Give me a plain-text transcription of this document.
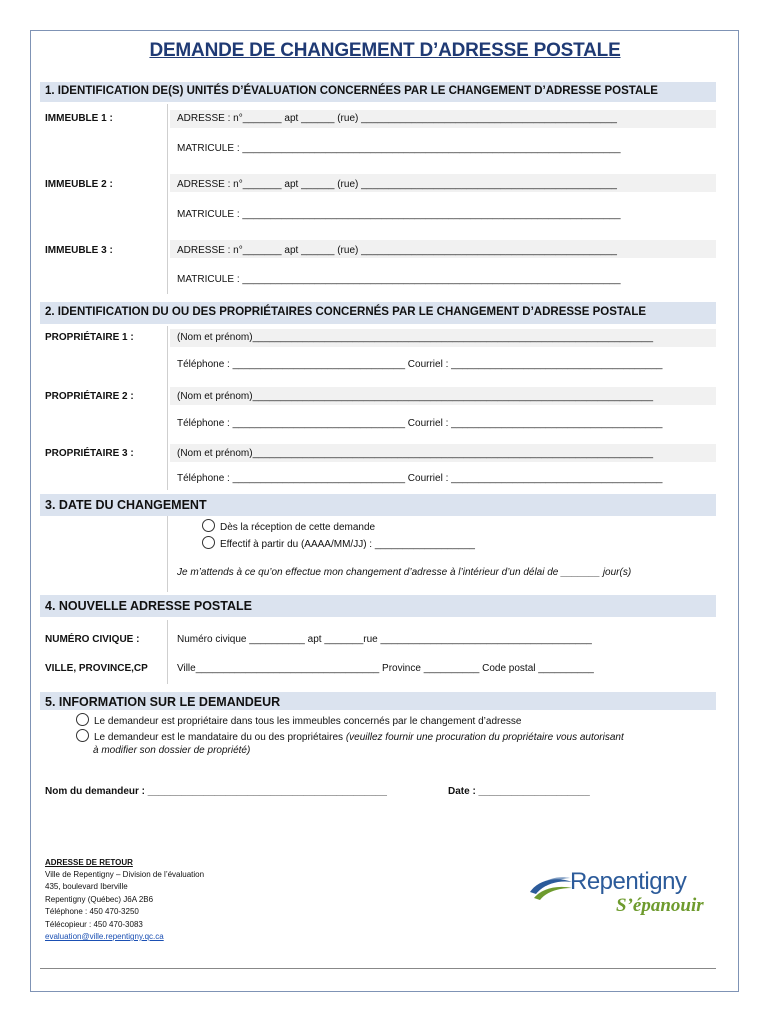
DEMANDE DE CHANGEMENT D’ADRESSE POSTALE
1. IDENTIFICATION DE(S) UNITÉS D’ÉVALUATION CONCERNÉES PAR LE CHANGEMENT D’ADRESSE POSTALE
IMMEUBLE 1 :	ADRESSE : n°_______ apt ______ (rue) ______________________________________________
MATRICULE : ____________________________________________________________________
IMMEUBLE 2 :	ADRESSE : n°_______ apt ______ (rue) ______________________________________________
MATRICULE : ____________________________________________________________________
IMMEUBLE 3 :	ADRESSE : n°_______ apt ______ (rue) ______________________________________________
MATRICULE : ____________________________________________________________________
2. IDENTIFICATION DU OU DES PROPRIÉTAIRES CONCERNÉS PAR LE CHANGEMENT D’ADRESSE POSTALE
PROPRIÉTAIRE 1 :	(Nom et prénom)________________________________________________________________________
Téléphone : _______________________________ Courriel : ______________________________________
PROPRIÉTAIRE 2 :	(Nom et prénom)________________________________________________________________________
Téléphone : _______________________________ Courriel : ______________________________________
PROPRIÉTAIRE 3 :	(Nom et prénom)________________________________________________________________________
Téléphone : _______________________________ Courriel : ______________________________________
3. DATE DU CHANGEMENT
Dès la réception de cette demande
Effectif à partir du (AAAA/MM/JJ) : __________________
Je m’attends à ce qu’on effectue mon changement d’adresse à l’intérieur d’un délai de _______ jour(s)
4. NOUVELLE ADRESSE POSTALE
NUMÉRO CIVIQUE :	Numéro civique __________ apt _______rue ______________________________________
VILLE, PROVINCE,CP	Ville_________________________________ Province __________ Code postal __________
5. INFORMATION SUR LE DEMANDEUR
Le demandeur est propriétaire dans tous les immeubles concernés par le changement d’adresse
Le demandeur est le mandataire du ou des propriétaires (veuillez fournir une procuration du propriétaire vous autorisant
à modifier son dossier de propriété)
Nom du demandeur : ___________________________________________	Date : ____________________
ADRESSE DE RETOUR
Ville de Repentigny – Division de l’évaluation
435, boulevard Iberville
Repentigny (Québec) J6A 2B6
Téléphone : 450 470-3250
Télécopieur : 450 470-3083
evaluation@ville.repentigny.qc.ca
Repentigny
S’épanouir
